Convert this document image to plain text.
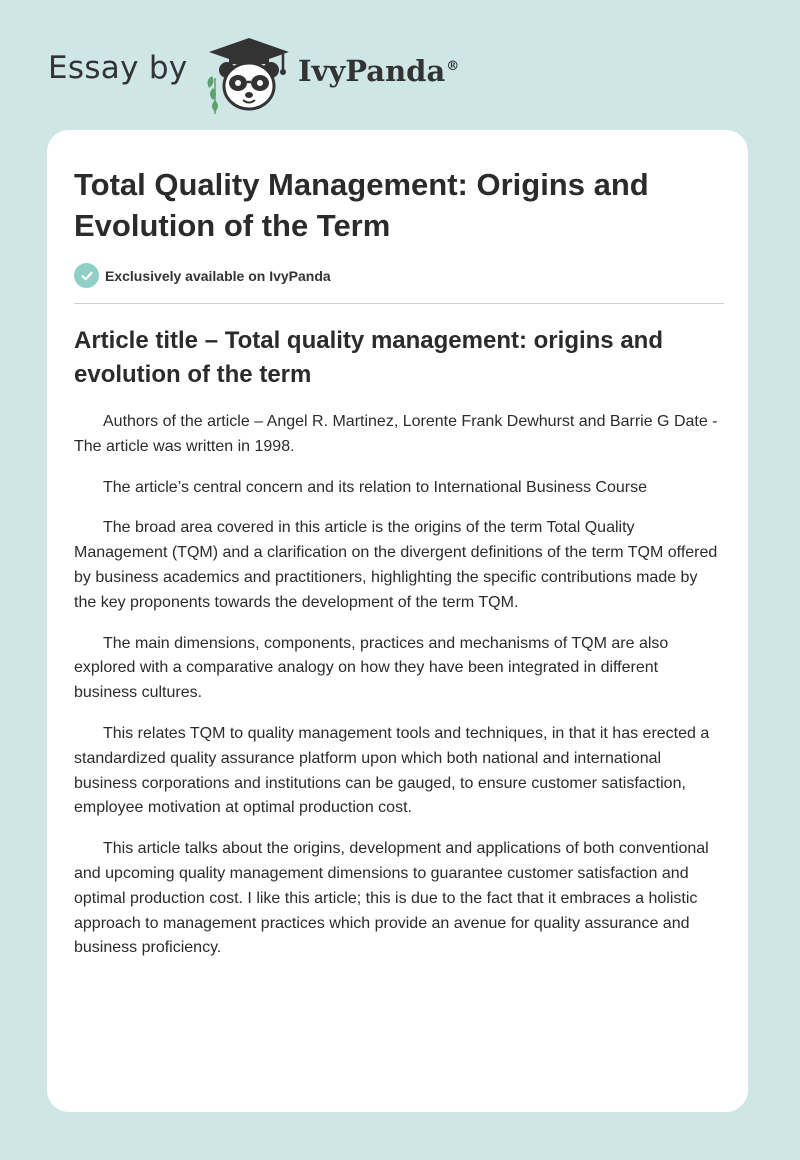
Essay by	IvyPanda®
Total Quality Management: Origins and Evolution of the Term
Exclusively available on IvyPanda
Article title – Total quality management: origins and evolution of the term

Authors of the article – Angel R. Martinez, Lorente Frank Dewhurst and Barrie G Date - The article was written in 1998.

The article’s central concern and its relation to International Business Course

The broad area covered in this article is the origins of the term Total Quality Management (TQM) and a clarification on the divergent definitions of the term TQM offered by business academics and practitioners, highlighting the specific contributions made by the key proponents towards the development of the term TQM.

The main dimensions, components, practices and mechanisms of TQM are also explored with a comparative analogy on how they have been integrated in different business cultures.

This relates TQM to quality management tools and techniques, in that it has erected a standardized quality assurance platform upon which both national and international business corporations and institutions can be gauged, to ensure customer satisfaction, employee motivation at optimal production cost.

This article talks about the origins, development and applications of both conventional and upcoming quality management dimensions to guarantee customer satisfaction and optimal production cost. I like this article; this is due to the fact that it embraces a holistic approach to management practices which provide an avenue for quality assurance and business proficiency.
